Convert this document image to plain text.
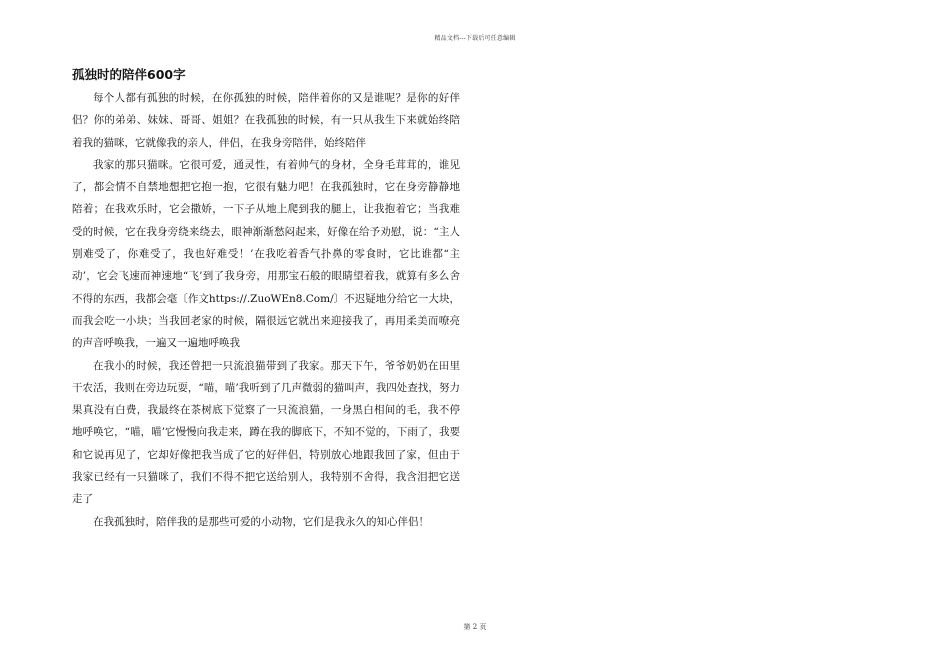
精品文档---下载后可任意编辑
孤独时的陪伴600字

每个人都有孤独的时候，在你孤独的时候，陪伴着你的又是谁呢？是你的好伴侣？你的弟弟、妹妹、哥哥、姐姐？在我孤独的时候，有一只从我生下来就始终陪着我的猫咪，它就像我的亲人，伴侣，在我身旁陪伴，始终陪伴

我家的那只猫咪。它很可爱，通灵性，有着帅气的身材，全身毛茸茸的，谁见了，都会情不自禁地想把它抱一抱，它很有魅力吧！在我孤独时，它在身旁静静地陪着；在我欢乐时，它会撒娇，一下子从地上爬到我的腿上，让我抱着它；当我难受的时候，它在我身旁绕来绕去，眼神渐渐愁闷起来，好像在给予劝慰，说：“主人别难受了，你难受了，我也好难受！’在我吃着香气扑鼻的零食时，它比谁都“主动’，它会飞速而神速地“飞’到了我身旁，用那宝石般的眼睛望着我，就算有多么舍不得的东西，我都会毫〔作文https://.ZuoWEn8.Com/〕不迟疑地分给它一大块，而我会吃一小块；当我回老家的时候，隔很远它就出来迎接我了，再用柔美而嘹亮的声音呼唤我，一遍又一遍地呼唤我

在我小的时候，我还曾把一只流浪猫带到了我家。那天下午，爷爷奶奶在田里干农活，我则在旁边玩耍，“喵，喵’我听到了几声微弱的猫叫声，我四处查找，努力果真没有白费，我最终在茶树底下觉察了一只流浪猫，一身黑白相间的毛，我不停地呼唤它，“喵，喵’它慢慢向我走来，蹲在我的脚底下，不知不觉的，下雨了，我要和它说再见了，它却好像把我当成了它的好伴侣，特别放心地跟我回了家，但由于我家已经有一只猫咪了，我们不得不把它送给别人，我特别不舍得，我含泪把它送走了

在我孤独时，陪伴我的是那些可爱的小动物，它们是我永久的知心伴侣！

第 2 页
